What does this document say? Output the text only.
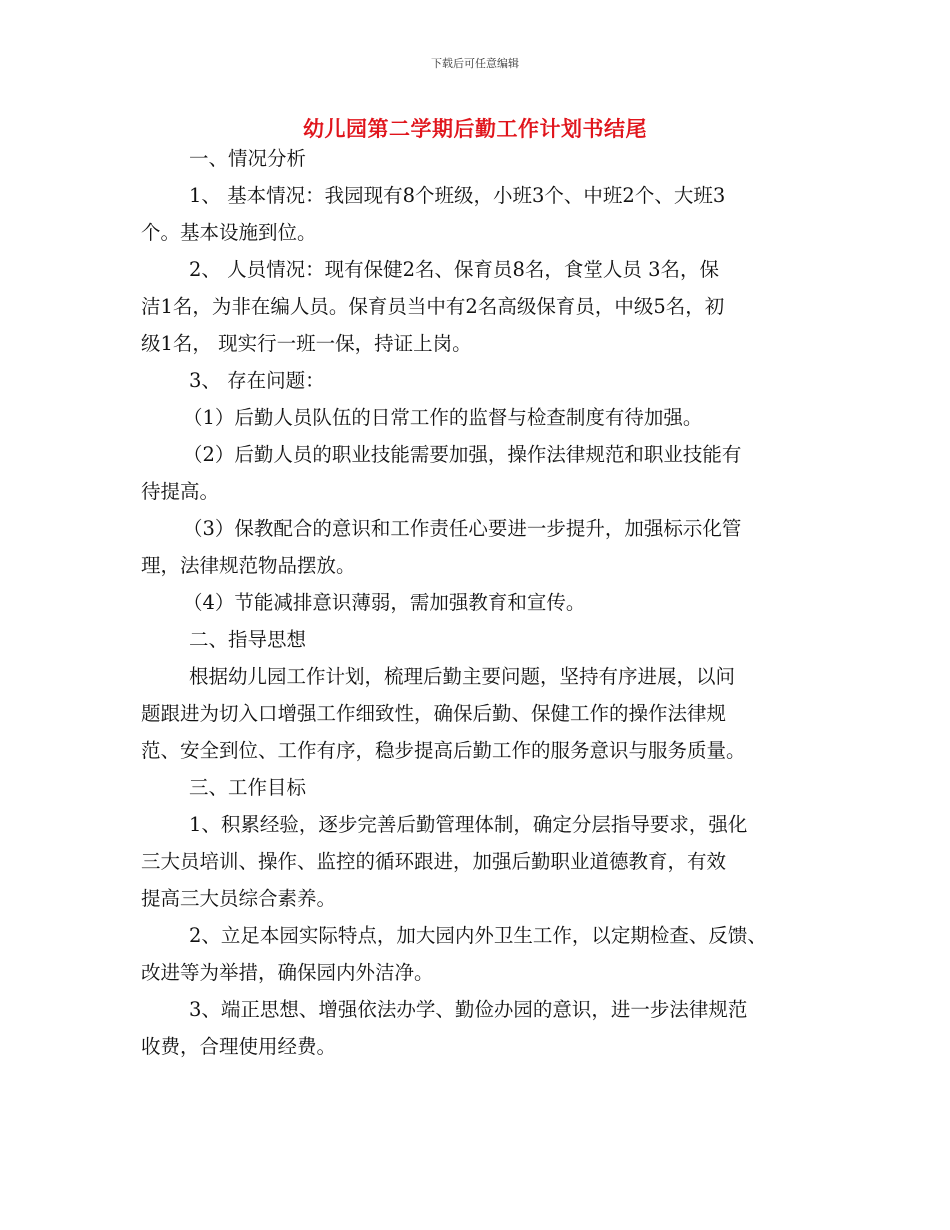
下载后可任意编辑
幼儿园第二学期后勤工作计划书结尾
一、情况分析
1、 基本情况：我园现有8个班级，小班3个、中班2个、大班3
个。基本设施到位。
2、 人员情况：现有保健2名、保育员8名，食堂人员 3名，保
洁1名，为非在编人员。保育员当中有2名高级保育员，中级5名，初
级1名， 现实行一班一保，持证上岗。
3、 存在问题：
（1）后勤人员队伍的日常工作的监督与检查制度有待加强。
（2）后勤人员的职业技能需要加强，操作法律规范和职业技能有
待提高。
（3）保教配合的意识和工作责任心要进一步提升，加强标示化管
理，法律规范物品摆放。
（4）节能减排意识薄弱，需加强教育和宣传。
二、指导思想
根据幼儿园工作计划，梳理后勤主要问题，坚持有序进展，以问
题跟进为切入口增强工作细致性，确保后勤、保健工作的操作法律规
范、安全到位、工作有序，稳步提高后勤工作的服务意识与服务质量。
三、工作目标
1、积累经验，逐步完善后勤管理体制，确定分层指导要求，强化
三大员培训、操作、监控的循环跟进，加强后勤职业道德教育，有效
提高三大员综合素养。
2、立足本园实际特点，加大园内外卫生工作，以定期检查、反馈、
改进等为举措，确保园内外洁净。
3、端正思想、增强依法办学、勤俭办园的意识，进一步法律规范
收费，合理使用经费。
